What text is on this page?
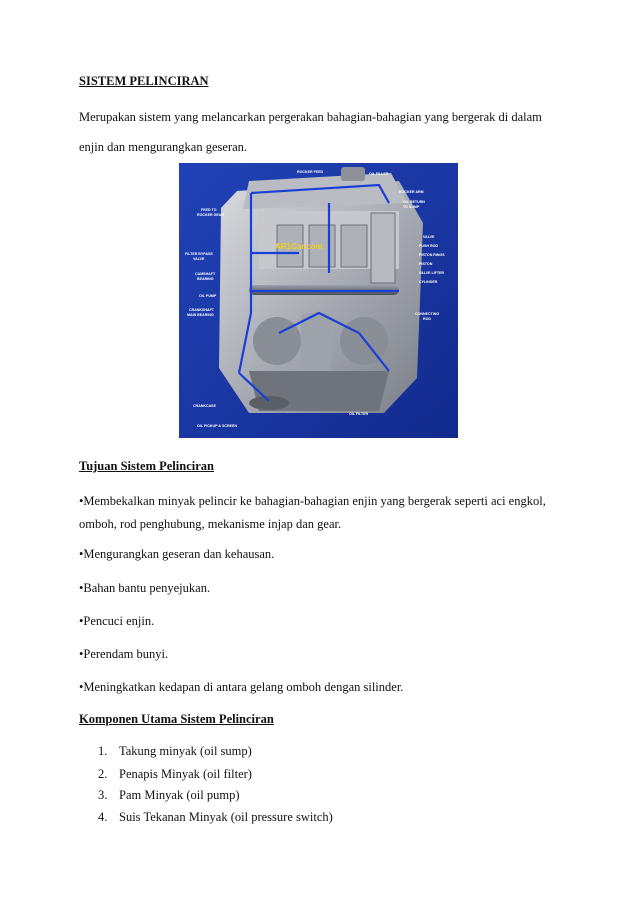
SISTEM PELINCIRAN
Merupakan sistem yang melancarkan pergerakan bahagian-bahagian yang bergerak di dalam
enjin dan mengurangkan geseran.
AR1Car.com
ROCKER FEED	OIL FILLER
ROCKER ARM
OIL RETURN
TO SUMP
FEED TO
ROCKER GEAR
VALVE
PUSH ROD
PISTON RINGS
PISTON
VALVE LIFTER
CYLINDER
FILTER BYPASS
VALVE
CAMSHAFT
BEARING
OIL PUMP
CRANKSHAFT
MAIN BEARING	CONNECTING
ROD
CRANKCASE
OIL FILTER
OIL PICKUP & SCREEN
Tujuan Sistem Pelinciran
•Membekalkan minyak pelincir ke bahagian-bahagian enjin yang bergerak seperti aci engkol,
omboh, rod penghubung, mekanisme injap dan gear.
•Mengurangkan geseran dan kehausan.
•Bahan bantu penyejukan.
•Pencuci enjin.
•Perendam bunyi.
•Meningkatkan kedapan di antara gelang omboh dengan silinder.
Komponen Utama Sistem Pelinciran
1. Takung minyak (oil sump)
2. Penapis Minyak (oil filter)
3. Pam Minyak (oil pump)
4. Suis Tekanan Minyak (oil pressure switch)
